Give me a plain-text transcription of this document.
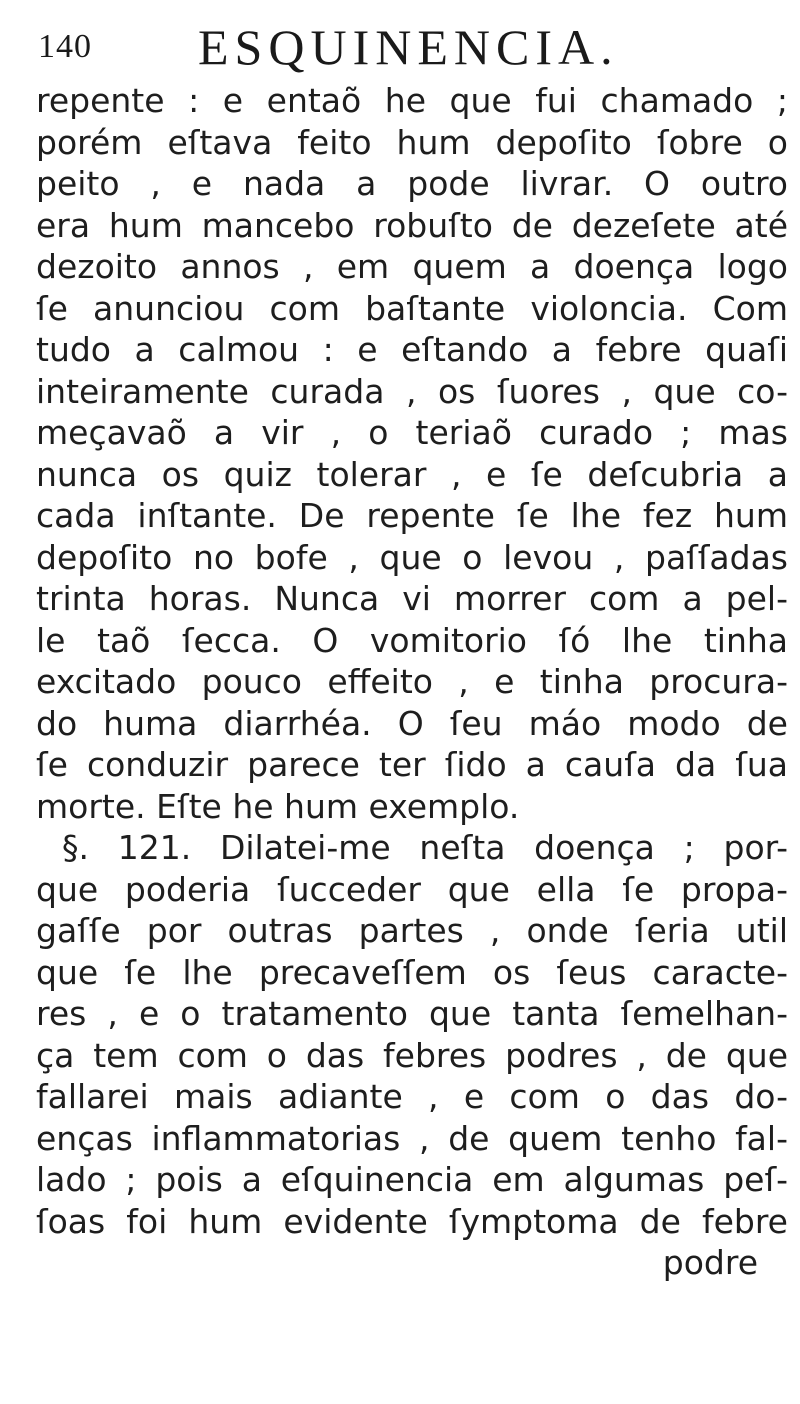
140 ESQUINENCIA.
repente : e entaõ he que fui chamado ;
porém eſtava feito hum depoſito ſobre o
peito , e nada a pode livrar. O outro
era hum mancebo robuſto de dezeſete até
dezoito annos , em quem a doença logo
ſe anunciou com baſtante violoncia. Com
tudo a calmou : e eſtando a febre quaſi
inteiramente curada , os ſuores , que co-
meçavaõ a vir , o teriaõ curado ; mas
nunca os quiz tolerar , e ſe deſcubria a
cada inſtante. De repente ſe lhe fez hum
depoſito no bofe , que o levou , paſſadas
trinta horas. Nunca vi morrer com a pel-
le taõ ſecca. O vomitorio ſó lhe tinha
excitado pouco effeito , e tinha procura-
do huma diarrhéa. O ſeu máo modo de
ſe conduzir parece ter ſido a cauſa da ſua
morte. Eſte he hum exemplo.
§. 121. Dilatei-me neſta doença ; por-
que poderia ſucceder que ella ſe propa-
gaſſe por outras partes , onde ſeria util
que ſe lhe precaveſſem os ſeus caracte-
res , e o tratamento que tanta ſemelhan-
ça tem com o das febres podres , de que
fallarei mais adiante , e com o das do-
enças inflammatorias , de quem tenho fal-
lado ; pois a eſquinencia em algumas peſ-
ſoas foi hum evidente ſymptoma de febre
podre
